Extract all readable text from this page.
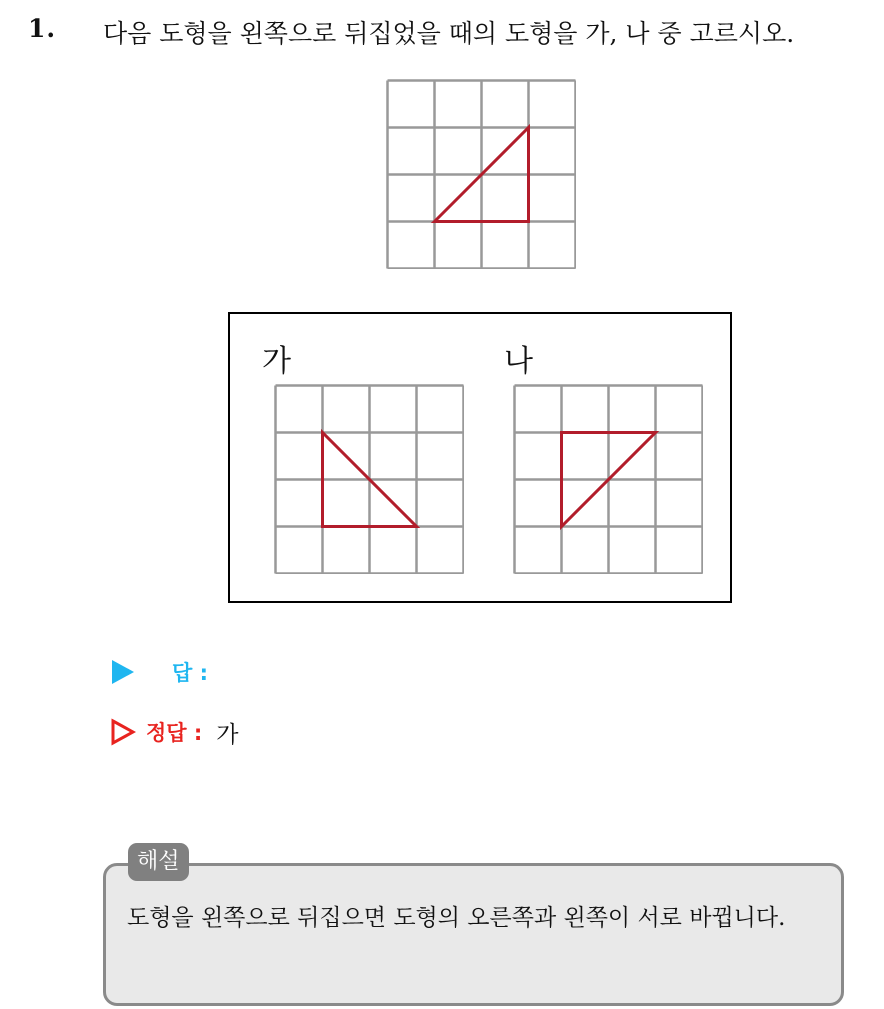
1. 다음 도형을 왼쪽으로 뒤집었을 때의 도형을 가, 나 중 고르시오.
가	나
답 :
정답 : 가
해설
도형을 왼쪽으로 뒤집으면 도형의 오른쪽과 왼쪽이 서로 바뀝니다.
